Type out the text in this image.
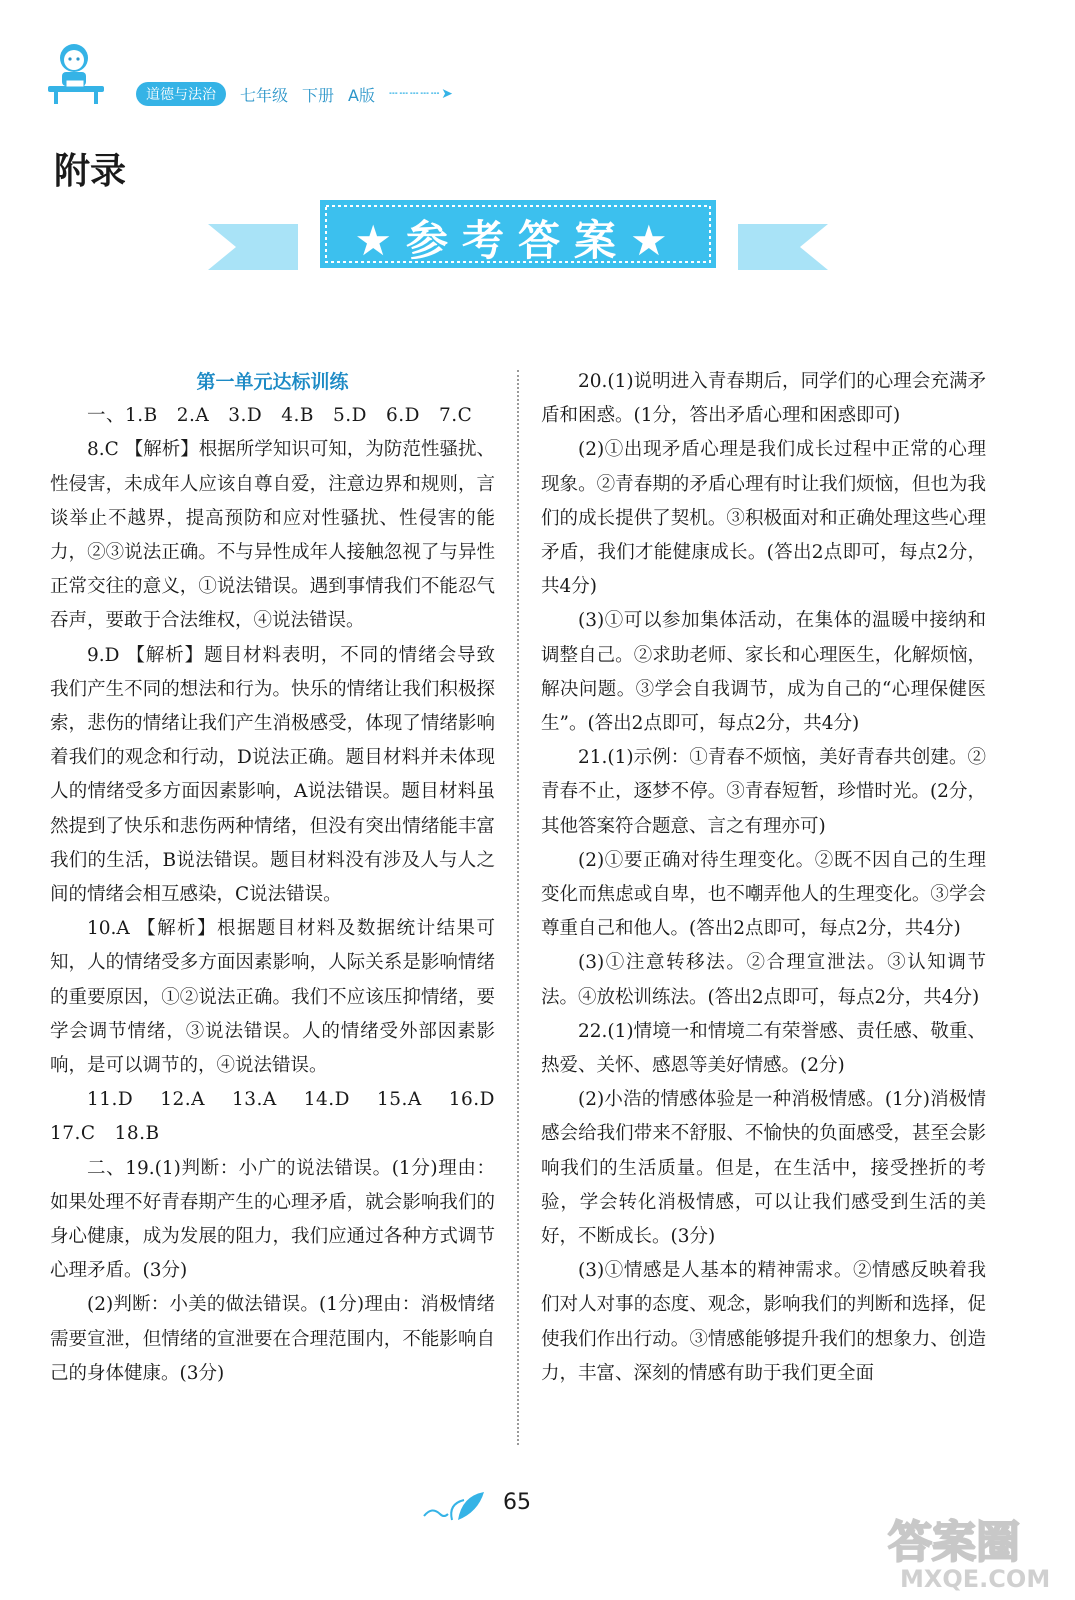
道德与法治	七年级 下册 A版 ┄┄┄┄┄➤
附录
★参考答案★

第一单元达标训练

一、1.B　2.A　3.D　4.B　5.D　6.D　7.C

8.C 【解析】根据所学知识可知，为防范性骚扰、性侵害，未成年人应该自尊自爱，注意边界和规则，言谈举止不越界，提高预防和应对性骚扰、性侵害的能力，②③说法正确。不与异性成年人接触忽视了与异性正常交往的意义，①说法错误。遇到事情我们不能忍气吞声，要敢于合法维权，④说法错误。

9.D 【解析】题目材料表明，不同的情绪会导致我们产生不同的想法和行为。快乐的情绪让我们积极探索，悲伤的情绪让我们产生消极感受，体现了情绪影响着我们的观念和行动，D说法正确。题目材料并未体现人的情绪受多方面因素影响，A说法错误。题目材料虽然提到了快乐和悲伤两种情绪，但没有突出情绪能丰富我们的生活，B说法错误。题目材料没有涉及人与人之间的情绪会相互感染，C说法错误。

10.A 【解析】根据题目材料及数据统计结果可知，人的情绪受多方面因素影响，人际关系是影响情绪的重要原因，①②说法正确。我们不应该压抑情绪，要学会调节情绪，③说法错误。人的情绪受外部因素影响，是可以调节的，④说法错误。

11.D　12.A　13.A　14.D　15.A　16.D　17.C　18.B

二、19.(1)判断：小广的说法错误。(1分)理由：如果处理不好青春期产生的心理矛盾，就会影响我们的身心健康，成为发展的阻力，我们应通过各种方式调节心理矛盾。(3分)

(2)判断：小美的做法错误。(1分)理由：消极情绪需要宣泄，但情绪的宣泄要在合理范围内，不能影响自己的身体健康。(3分)

20.(1)说明进入青春期后，同学们的心理会充满矛盾和困惑。(1分，答出矛盾心理和困惑即可)

(2)①出现矛盾心理是我们成长过程中正常的心理现象。②青春期的矛盾心理有时让我们烦恼，但也为我们的成长提供了契机。③积极面对和正确处理这些心理矛盾，我们才能健康成长。(答出2点即可，每点2分，共4分)

(3)①可以参加集体活动，在集体的温暖中接纳和调整自己。②求助老师、家长和心理医生，化解烦恼，解决问题。③学会自我调节，成为自己的“心理保健医生”。(答出2点即可，每点2分，共4分)

21.(1)示例：①青春不烦恼，美好青春共创建。②青春不止，逐梦不停。③青春短暂，珍惜时光。(2分，其他答案符合题意、言之有理亦可)

(2)①要正确对待生理变化。②既不因自己的生理变化而焦虑或自卑，也不嘲弄他人的生理变化。③学会尊重自己和他人。(答出2点即可，每点2分，共4分)

(3)①注意转移法。②合理宣泄法。③认知调节法。④放松训练法。(答出2点即可，每点2分，共4分)

22.(1)情境一和情境二有荣誉感、责任感、敬重、热爱、关怀、感恩等美好情感。(2分)

(2)小浩的情感体验是一种消极情感。(1分)消极情感会给我们带来不舒服、不愉快的负面感受，甚至会影响我们的生活质量。但是，在生活中，接受挫折的考验，学会转化消极情感，可以让我们感受到生活的美好，不断成长。(3分)

(3)①情感是人基本的精神需求。②情感反映着我们对人对事的态度、观念，影响我们的判断和选择，促使我们作出行动。③情感能够提升我们的想象力、创造力，丰富、深刻的情感有助于我们更全面

65
答案圈
MXQE.COM
